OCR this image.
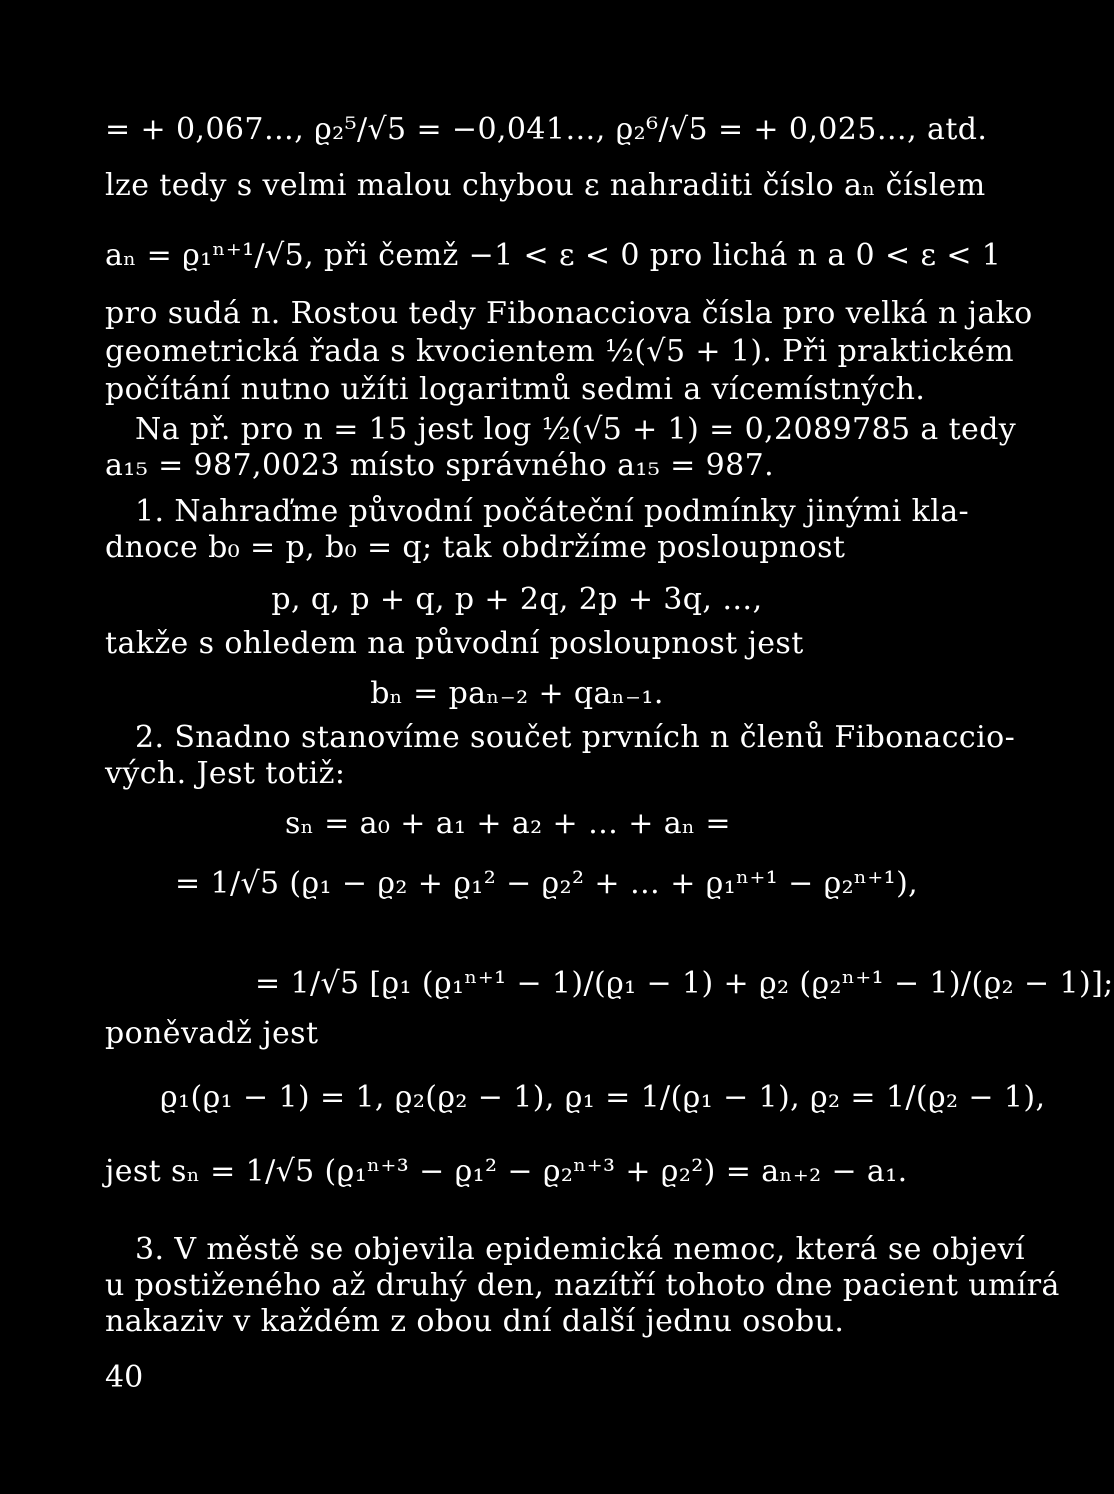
= + 0,067…, ϱ₂⁵/√5 = −0,041…, ϱ₂⁶/√5 = + 0,025…, atd.
lze tedy s velmi malou chybou ε nahraditi číslo aₙ číslem
aₙ = ϱ₁ⁿ⁺¹/√5, při čemž −1 < ε < 0 pro lichá n a 0 < ε < 1
pro sudá n. Rostou tedy Fibonacciova čísla pro velká n jako
geometrická řada s kvocientem ½(√5 + 1). Při praktickém
počítání nutno užíti logaritmů sedmi a vícemístných.
Na př. pro n = 15 jest log ½(√5 + 1) = 0,2089785 a tedy
a₁₅ = 987,0023 místo správného a₁₅ = 987.
1. Nahraďme původní počáteční podmínky jinými kla-
dnoce b₀ = p, b₀ = q; tak obdržíme posloupnost
p, q, p + q, p + 2q, 2p + 3q, …,
takže s ohledem na původní posloupnost jest
bₙ = paₙ₋₂ + qaₙ₋₁.
2. Snadno stanovíme součet prvních n členů Fibonaccio-
vých. Jest totiž:
sₙ = a₀ + a₁ + a₂ + … + aₙ =
= 1/√5 (ϱ₁ − ϱ₂ + ϱ₁² − ϱ₂² + … + ϱ₁ⁿ⁺¹ − ϱ₂ⁿ⁺¹),
= 1/√5 [ϱ₁ (ϱ₁ⁿ⁺¹ − 1)/(ϱ₁ − 1) + ϱ₂ (ϱ₂ⁿ⁺¹ − 1)/(ϱ₂ − 1)];
poněvadž jest
ϱ₁(ϱ₁ − 1) = 1, ϱ₂(ϱ₂ − 1), ϱ₁ = 1/(ϱ₁ − 1), ϱ₂ = 1/(ϱ₂ − 1),
jest sₙ = 1/√5 (ϱ₁ⁿ⁺³ − ϱ₁² − ϱ₂ⁿ⁺³ + ϱ₂²) = aₙ₊₂ − a₁.
3. V městě se objevila epidemická nemoc, která se objeví
u postiženého až druhý den, nazítří tohoto dne pacient umírá
nakaziv v každém z obou dní další jednu osobu.
40
